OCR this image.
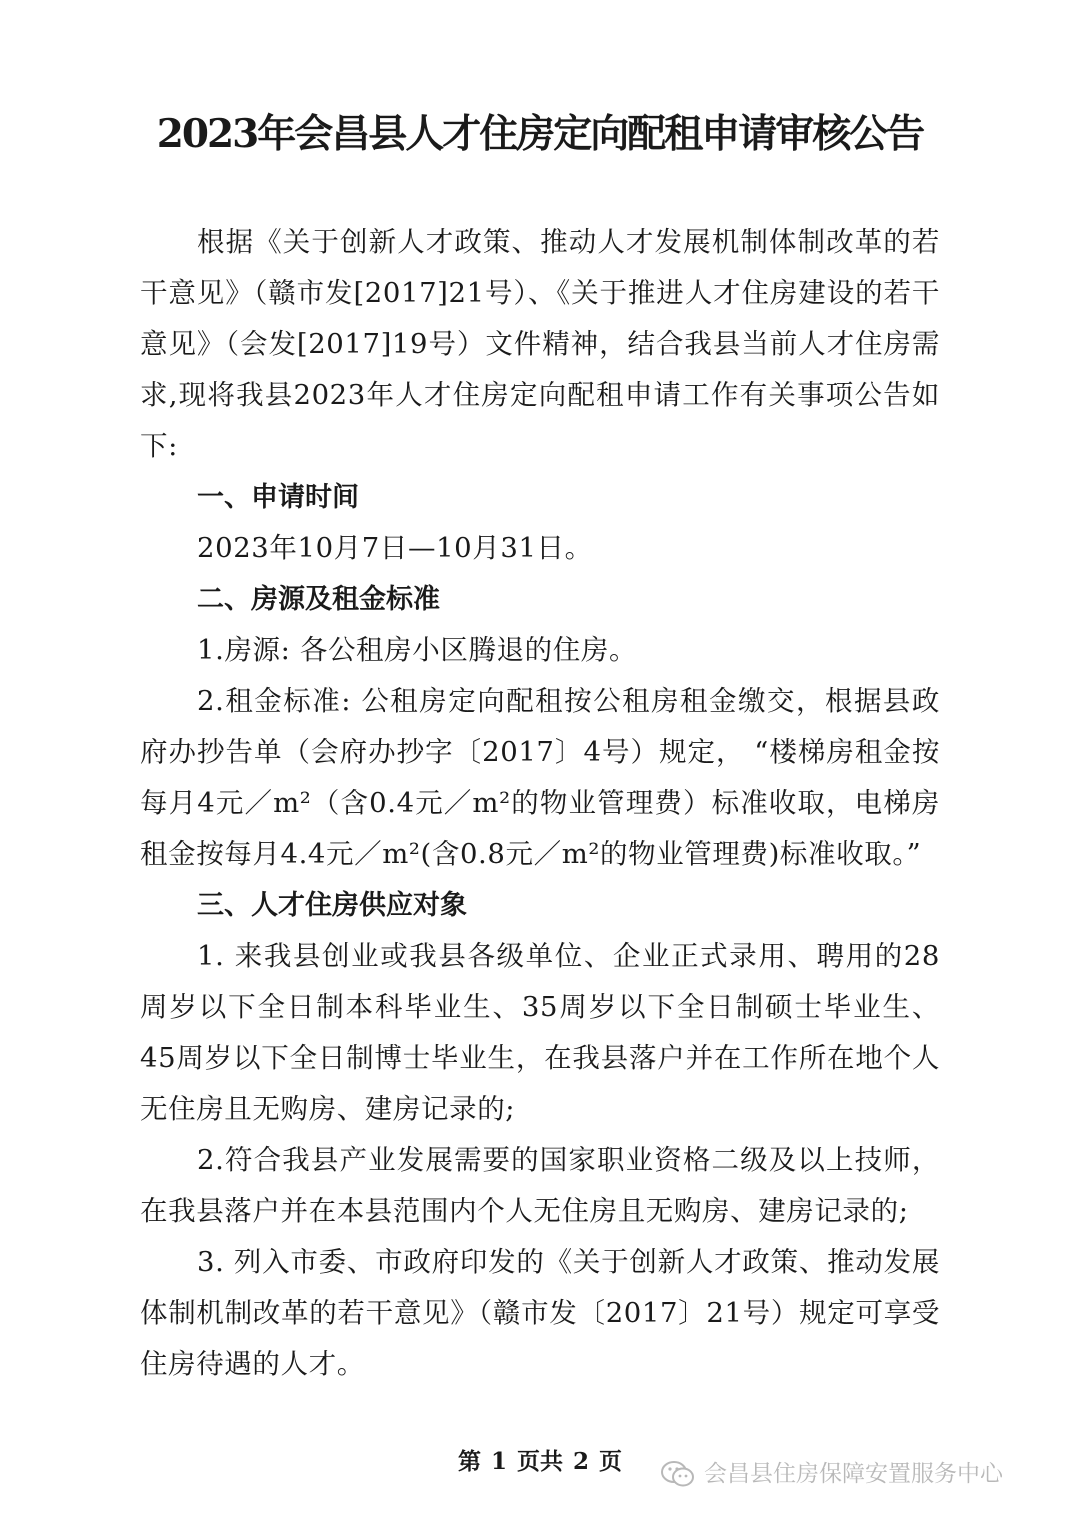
2023年会昌县人才住房定向配租申请审核公告

根据《关于创新人才政策、推动人才发展机制体制改革的若干意见》（赣市发[2017]21号）、《关于推进人才住房建设的若干意见》（会发[2017]19号）文件精神，结合我县当前人才住房需求,现将我县2023年人才住房定向配租申请工作有关事项公告如下:

一、申请时间

2023年10月7日—10月31日。

二、房源及租金标准

1.房源: 各公租房小区腾退的住房。

2.租金标准: 公租房定向配租按公租房租金缴交，根据县政府办抄告单（会府办抄字〔2017〕4号）规定， “楼梯房租金按每月4元／m²（含0.4元／m²的物业管理费）标准收取，电梯房租金按每月4.4元／m²(含0.8元／m²的物业管理费)标准收取。”

三、人才住房供应对象

1. 来我县创业或我县各级单位、企业正式录用、聘用的28周岁以下全日制本科毕业生、35周岁以下全日制硕士毕业生、45周岁以下全日制博士毕业生，在我县落户并在工作所在地个人无住房且无购房、建房记录的;

2.符合我县产业发展需要的国家职业资格二级及以上技师，在我县落户并在本县范围内个人无住房且无购房、建房记录的;

3. 列入市委、市政府印发的《关于创新人才政策、推动发展体制机制改革的若干意见》（赣市发〔2017〕21号）规定可享受住房待遇的人才。

第 1 页共 2 页	会昌县住房保障安置服务中心
